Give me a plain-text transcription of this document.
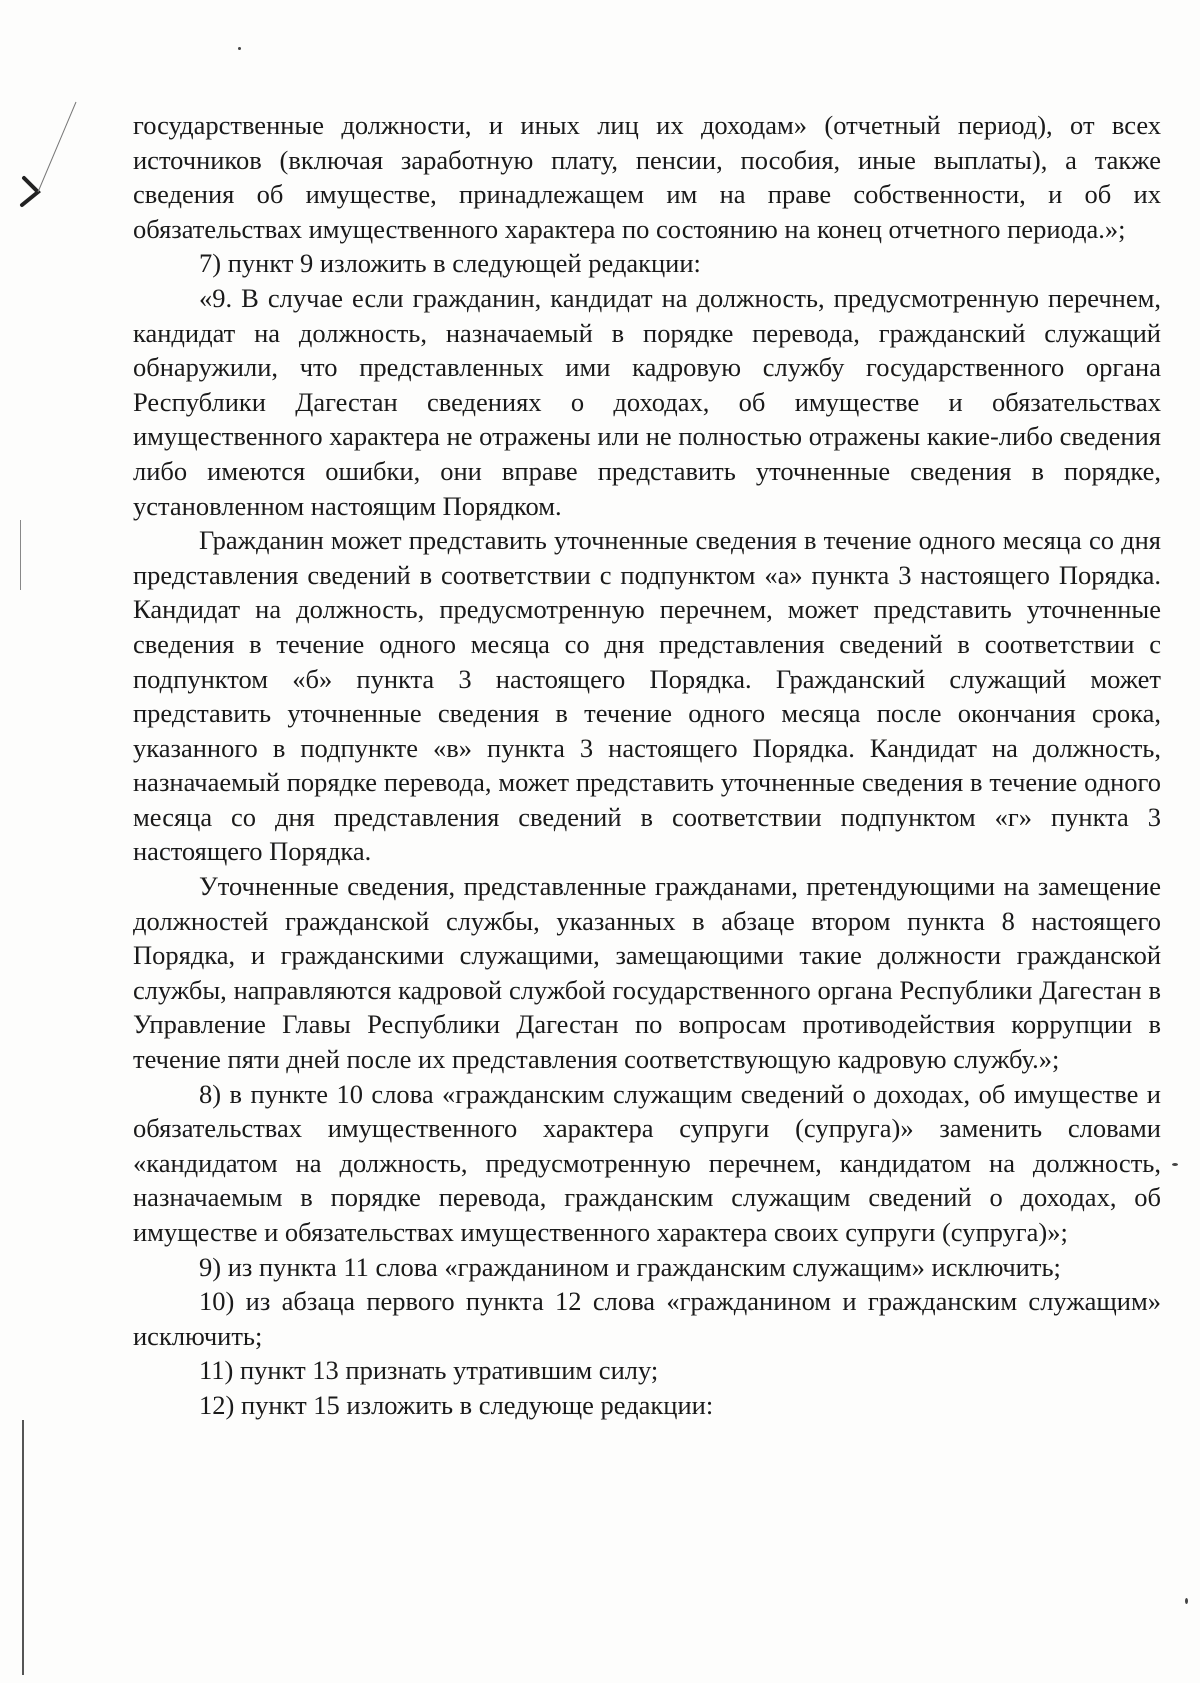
государственные должности, и иных лиц их доходам» (отчетный период), от всех источников (включая заработную плату, пенсии, пособия, иные выплаты), а также сведения об имуществе, принадлежащем им на праве собственности, и об их обязательствах имущественного характера по состоянию на конец отчетного периода.»;

7) пункт 9 изложить в следующей редакции:

«9. В случае если гражданин, кандидат на должность, предусмотренную перечнем, кандидат на должность, назначаемый в порядке перевода, гражданский служащий обнаружили, что представленных ими кадровую службу государственного органа Республики Дагестан сведениях о доходах, об имуществе и обязательствах имущественного характера не отражены или не полностью отражены какие-либо сведения либо имеются ошибки, они вправе представить уточненные сведения в порядке, установленном настоящим Порядком.

Гражданин может представить уточненные сведения в течение одного месяца со дня представления сведений в соответствии с подпунктом «а» пункта 3 настоящего Порядка. Кандидат на должность, предусмотренную перечнем, может представить уточненные сведения в течение одного месяца со дня представления сведений в соответствии с подпунктом «б» пункта 3 настоящего Порядка. Гражданский служащий может представить уточненные сведения в течение одного месяца после окончания срока, указанного в подпункте «в» пункта 3 настоящего Порядка. Кандидат на должность, назначаемый порядке перевода, может представить уточненные сведения в течение одного месяца со дня представления сведений в соответствии подпунктом «г» пункта 3 настоящего Порядка.

Уточненные сведения, представленные гражданами, претендующими на замещение должностей гражданской службы, указанных в абзаце втором пункта 8 настоящего Порядка, и гражданскими служащими, замещающими такие должности гражданской службы, направляются кадровой службой государственного органа Республики Дагестан в Управление Главы Республики Дагестан по вопросам противодействия коррупции в течение пяти дней после их представления соответствующую кадровую службу.»;

8) в пункте 10 слова «гражданским служащим сведений о доходах, об имуществе и обязательствах имущественного характера супруги (супруга)» заменить словами «кандидатом на должность, предусмотренную перечнем, кандидатом на должность, назначаемым в порядке перевода, гражданским служащим сведений о доходах, об имуществе и обязательствах имущественного характера своих супруги (супруга)»;

9) из пункта 11 слова «гражданином и гражданским служащим» исключить;

10) из абзаца первого пункта 12 слова «гражданином и гражданским служащим» исключить;

11) пункт 13 признать утратившим силу;

12) пункт 15 изложить в следующе редакции:
